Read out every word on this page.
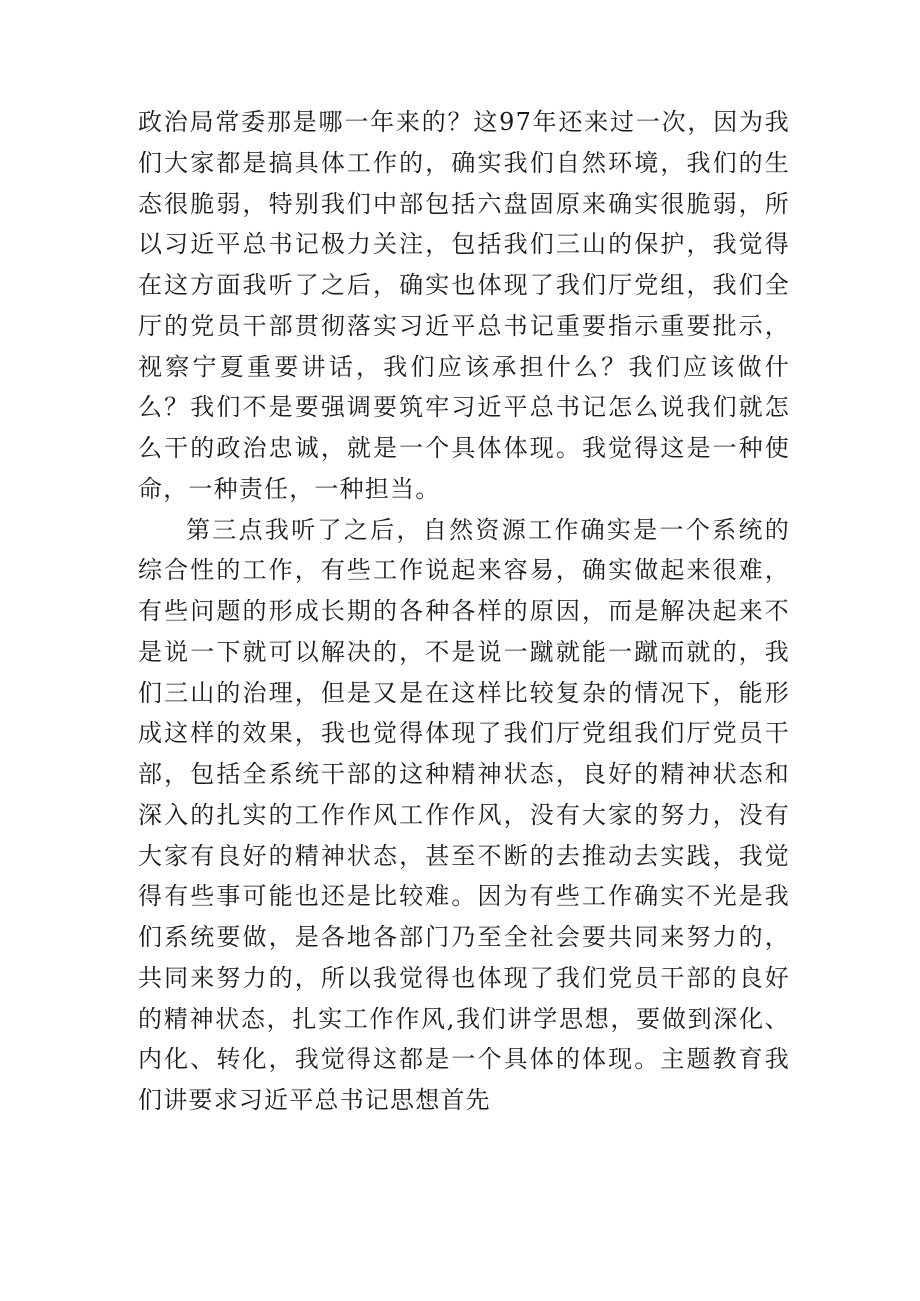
政治局常委那是哪一年来的？这97年还来过一次，因为我们大家都是搞具体工作的，确实我们自然环境，我们的生态很脆弱，特别我们中部包括六盘固原来确实很脆弱，所以习近平总书记极力关注，包括我们三山的保护，我觉得在这方面我听了之后，确实也体现了我们厅党组，我们全厅的党员干部贯彻落实习近平总书记重要指示重要批示，视察宁夏重要讲话，我们应该承担什么？我们应该做什么？我们不是要强调要筑牢习近平总书记怎么说我们就怎么干的政治忠诚，就是一个具体体现。我觉得这是一种使命，一种责任，一种担当。

第三点我听了之后，自然资源工作确实是一个系统的综合性的工作，有些工作说起来容易，确实做起来很难，有些问题的形成长期的各种各样的原因，而是解决起来不是说一下就可以解决的，不是说一蹴就能一蹴而就的，我们三山的治理，但是又是在这样比较复杂的情况下，能形成这样的效果，我也觉得体现了我们厅党组我们厅党员干部，包括全系统干部的这种精神状态，良好的精神状态和深入的扎实的工作作风工作作风，没有大家的努力，没有大家有良好的精神状态，甚至不断的去推动去实践，我觉得有些事可能也还是比较难。因为有些工作确实不光是我们系统要做，是各地各部门乃至全社会要共同来努力的，共同来努力的，所以我觉得也体现了我们党员干部的良好的精神状态，扎实工作作风,我们讲学思想，要做到深化、内化、转化，我觉得这都是一个具体的体现。主题教育我们讲要求习近平总书记思想首先
